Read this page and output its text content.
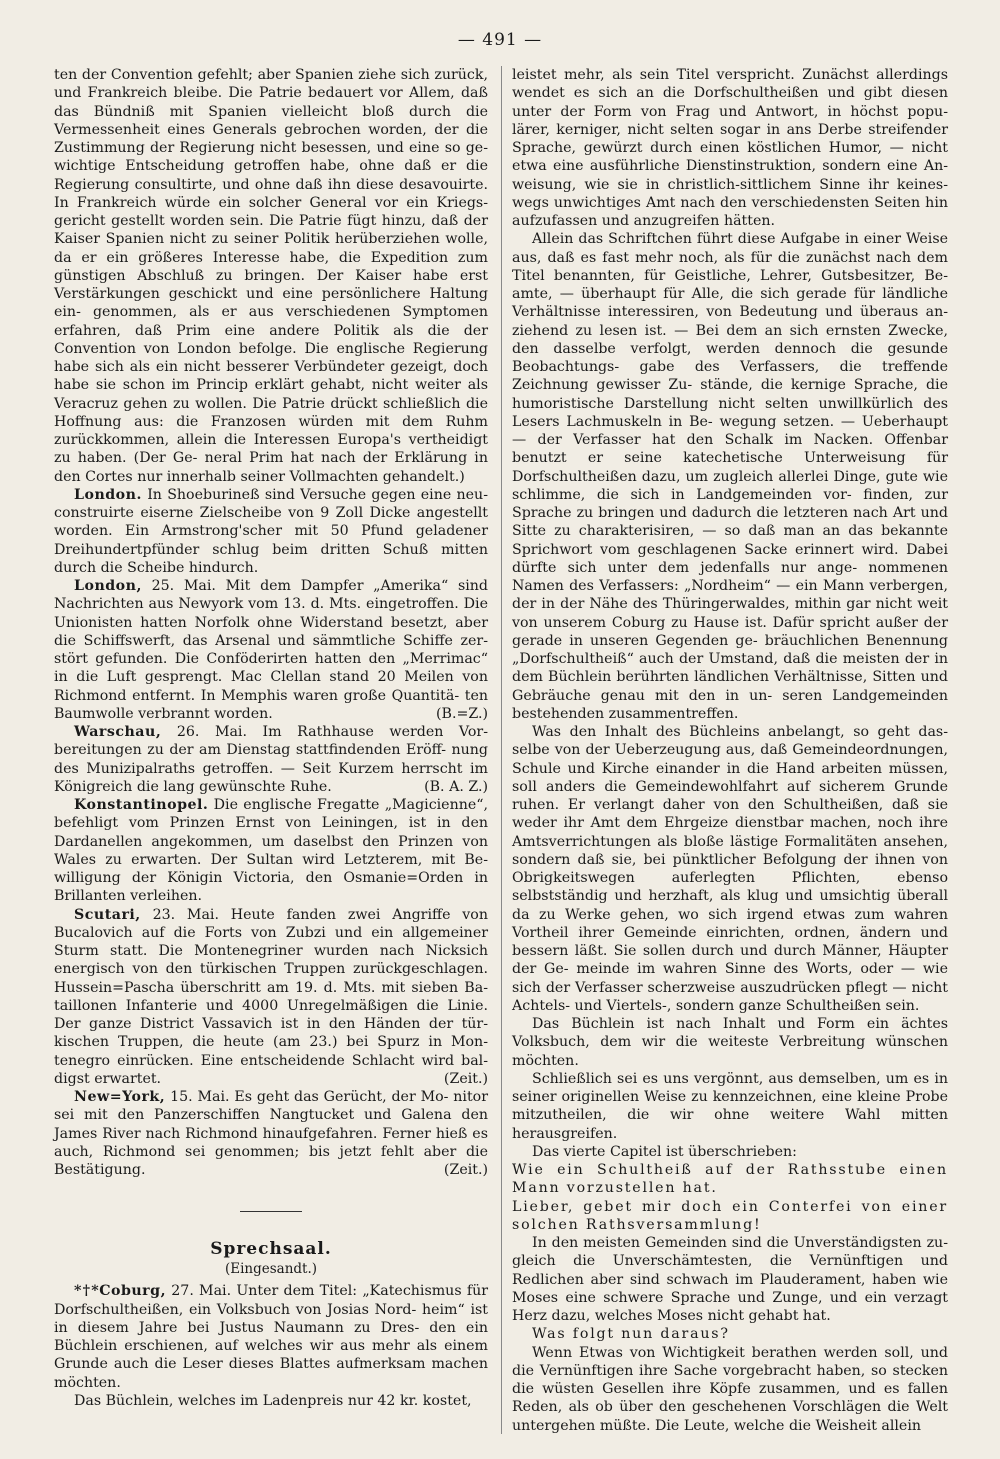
— 491 —

ten der Convention gefehlt; aber Spanien ziehe sich zurück, und Frankreich bleibe. Die Patrie bedauert vor Allem, daß das Bündniß mit Spanien vielleicht bloß durch die Vermessenheit eines Generals gebrochen worden, der die Zustimmung der Regierung nicht besessen, und eine so ge- wichtige Entscheidung getroffen habe, ohne daß er die Regierung consultirte, und ohne daß ihn diese desavouirte. In Frankreich würde ein solcher General vor ein Kriegs- gericht gestellt worden sein. Die Patrie fügt hinzu, daß der Kaiser Spanien nicht zu seiner Politik herüberziehen wolle, da er ein größeres Interesse habe, die Expedition zum günstigen Abschluß zu bringen. Der Kaiser habe erst Verstärkungen geschickt und eine persönlichere Haltung ein- genommen, als er aus verschiedenen Symptomen erfahren, daß Prim eine andere Politik als die der Convention von London befolge. Die englische Regierung habe sich als ein nicht besserer Verbündeter gezeigt, doch habe sie schon im Princip erklärt gehabt, nicht weiter als Veracruz gehen zu wollen. Die Patrie drückt schließlich die Hoffnung aus: die Franzosen würden mit dem Ruhm zurückkommen, allein die Interessen Europa's vertheidigt zu haben. (Der Ge- neral Prim hat nach der Erklärung in den Cortes nur innerhalb seiner Vollmachten gehandelt.)

London. In Shoeburineß sind Versuche gegen eine neu- construirte eiserne Zielscheibe von 9 Zoll Dicke angestellt worden. Ein Armstrong'scher mit 50 Pfund geladener Dreihundertpfünder schlug beim dritten Schuß mitten durch die Scheibe hindurch.

London, 25. Mai. Mit dem Dampfer „Amerika“ sind Nachrichten aus Newyork vom 13. d. Mts. eingetroffen. Die Unionisten hatten Norfolk ohne Widerstand besetzt, aber die Schiffswerft, das Arsenal und sämmtliche Schiffe zer- stört gefunden. Die Conföderirten hatten den „Merrimac“ in die Luft gesprengt. Mac Clellan stand 20 Meilen von Richmond entfernt. In Memphis waren große Quantitä- ten Baumwolle verbrannt worden.	(B.=Z.)

Warschau, 26. Mai. Im Rathhause werden Vor- bereitungen zu der am Dienstag stattfindenden Eröff- nung des Munizipalraths getroffen. — Seit Kurzem herrscht im Königreich die lang gewünschte Ruhe.	(B. A. Z.)

Konstantinopel. Die englische Fregatte „Magicienne“, befehligt vom Prinzen Ernst von Leiningen, ist in den Dardanellen angekommen, um daselbst den Prinzen von Wales zu erwarten. Der Sultan wird Letzterem, mit Be- willigung der Königin Victoria, den Osmanie=Orden in Brillanten verleihen.

Scutari, 23. Mai. Heute fanden zwei Angriffe von Bucalovich auf die Forts von Zubzi und ein allgemeiner Sturm statt. Die Montenegriner wurden nach Nicksich energisch von den türkischen Truppen zurückgeschlagen. Hussein=Pascha überschritt am 19. d. Mts. mit sieben Ba- taillonen Infanterie und 4000 Unregelmäßigen die Linie. Der ganze District Vassavich ist in den Händen der tür- kischen Truppen, die heute (am 23.) bei Spurz in Mon- tenegro einrücken. Eine entscheidende Schlacht wird bal- digst erwartet.	(Zeit.)

New=York, 15. Mai. Es geht das Gerücht, der Mo- nitor sei mit den Panzerschiffen Nangtucket und Galena den James River nach Richmond hinaufgefahren. Ferner hieß es auch, Richmond sei genommen; bis jetzt fehlt aber die Bestätigung.	(Zeit.)

Sprechsaal.
(Eingesandt.)

*†*Coburg, 27. Mai. Unter dem Titel: „Katechismus für Dorfschultheißen, ein Volksbuch von Josias Nord- heim“ ist in diesem Jahre bei Justus Naumann zu Dres- den ein Büchlein erschienen, auf welches wir aus mehr als einem Grunde auch die Leser dieses Blattes aufmerksam machen möchten.

Das Büchlein, welches im Ladenpreis nur 42 kr. kostet,

leistet mehr, als sein Titel verspricht. Zunächst allerdings wendet es sich an die Dorfschultheißen und gibt diesen unter der Form von Frag und Antwort, in höchst popu- lärer, kerniger, nicht selten sogar in ans Derbe streifender Sprache, gewürzt durch einen köstlichen Humor, — nicht etwa eine ausführliche Dienstinstruktion, sondern eine An- weisung, wie sie in christlich-sittlichem Sinne ihr keines- wegs unwichtiges Amt nach den verschiedensten Seiten hin aufzufassen und anzugreifen hätten.

Allein das Schriftchen führt diese Aufgabe in einer Weise aus, daß es fast mehr noch, als für die zunächst nach dem Titel benannten, für Geistliche, Lehrer, Gutsbesitzer, Be- amte, — überhaupt für Alle, die sich gerade für ländliche Verhältnisse interessiren, von Bedeutung und überaus an- ziehend zu lesen ist. — Bei dem an sich ernsten Zwecke, den dasselbe verfolgt, werden dennoch die gesunde Beobachtungs- gabe des Verfassers, die treffende Zeichnung gewisser Zu- stände, die kernige Sprache, die humoristische Darstellung nicht selten unwillkürlich des Lesers Lachmuskeln in Be- wegung setzen. — Ueberhaupt — der Verfasser hat den Schalk im Nacken. Offenbar benutzt er seine katechetische Unterweisung für Dorfschultheißen dazu, um zugleich allerlei Dinge, gute wie schlimme, die sich in Landgemeinden vor- finden, zur Sprache zu bringen und dadurch die letzteren nach Art und Sitte zu charakterisiren, — so daß man an das bekannte Sprichwort vom geschlagenen Sacke erinnert wird. Dabei dürfte sich unter dem jedenfalls nur ange- nommenen Namen des Verfassers: „Nordheim“ — ein Mann verbergen, der in der Nähe des Thüringerwaldes, mithin gar nicht weit von unserem Coburg zu Hause ist. Dafür spricht außer der gerade in unseren Gegenden ge- bräuchlichen Benennung „Dorfschultheiß“ auch der Umstand, daß die meisten der in dem Büchlein berührten ländlichen Verhältnisse, Sitten und Gebräuche genau mit den in un- seren Landgemeinden bestehenden zusammentreffen.

Was den Inhalt des Büchleins anbelangt, so geht das- selbe von der Ueberzeugung aus, daß Gemeindeordnungen, Schule und Kirche einander in die Hand arbeiten müssen, soll anders die Gemeindewohlfahrt auf sicherem Grunde ruhen. Er verlangt daher von den Schultheißen, daß sie weder ihr Amt dem Ehrgeize dienstbar machen, noch ihre Amtsverrichtungen als bloße lästige Formalitäten ansehen, sondern daß sie, bei pünktlicher Befolgung der ihnen von Obrigkeitswegen auferlegten Pflichten, ebenso selbstständig und herzhaft, als klug und umsichtig überall da zu Werke gehen, wo sich irgend etwas zum wahren Vortheil ihrer Gemeinde einrichten, ordnen, ändern und bessern läßt. Sie sollen durch und durch Männer, Häupter der Ge- meinde im wahren Sinne des Worts, oder — wie sich der Verfasser scherzweise auszudrücken pflegt — nicht Achtels- und Viertels-, sondern ganze Schultheißen sein.

Das Büchlein ist nach Inhalt und Form ein ächtes Volksbuch, dem wir die weiteste Verbreitung wünschen möchten.

Schließlich sei es uns vergönnt, aus demselben, um es in seiner originellen Weise zu kennzeichnen, eine kleine Probe mitzutheilen, die wir ohne weitere Wahl mitten herausgreifen.

Das vierte Capitel ist überschrieben:

Wie ein Schultheiß auf der Rathsstube einen Mann vorzustellen hat.

Lieber, gebet mir doch ein Conterfei von einer solchen Rathsversammlung!

In den meisten Gemeinden sind die Unverständigsten zu- gleich die Unverschämtesten, die Vernünftigen und Redlichen aber sind schwach im Plauderament, haben wie Moses eine schwere Sprache und Zunge, und ein verzagt Herz dazu, welches Moses nicht gehabt hat.

Was folgt nun daraus?

Wenn Etwas von Wichtigkeit berathen werden soll, und die Vernünftigen ihre Sache vorgebracht haben, so stecken die wüsten Gesellen ihre Köpfe zusammen, und es fallen Reden, als ob über den geschehenen Vorschlägen die Welt untergehen müßte. Die Leute, welche die Weisheit allein
